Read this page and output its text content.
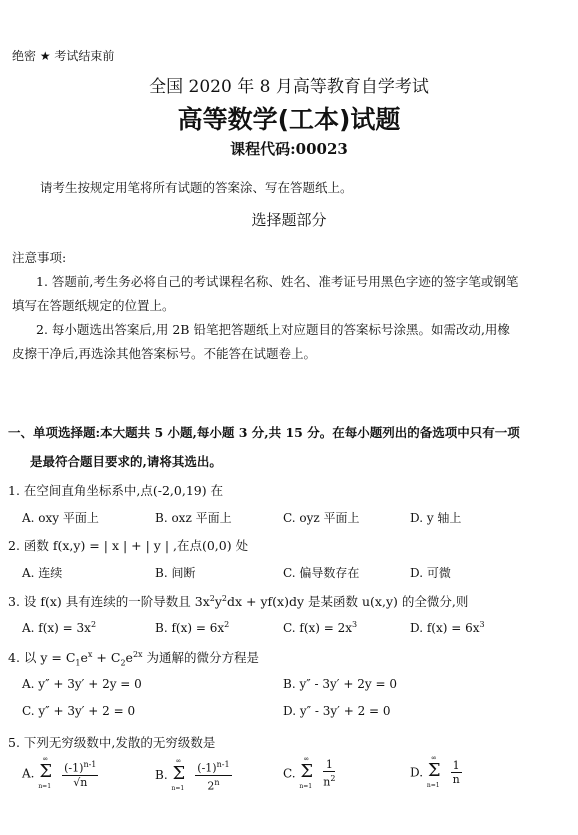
绝密 ★ 考试结束前
全国 2020 年 8 月高等教育自学考试
高等数学(工本)试题
课程代码:00023
请考生按规定用笔将所有试题的答案涂、写在答题纸上。
选择题部分
注意事项:
1. 答题前,考生务必将自己的考试课程名称、姓名、准考证号用黑色字迹的签字笔或钢笔
填写在答题纸规定的位置上。
2. 每小题选出答案后,用 2B 铅笔把答题纸上对应题目的答案标号涂黑。如需改动,用橡
皮擦干净后,再选涂其他答案标号。不能答在试题卷上。
一、单项选择题:本大题共 5 小题,每小题 3 分,共 15 分。在每小题列出的备选项中只有一项
是最符合题目要求的,请将其选出。
1. 在空间直角坐标系中,点(-2,0,19) 在
A. oxy 平面上	B. oxz 平面上	C. oyz 平面上	D. y 轴上
2. 函数 f(x,y) = | x | + | y | ,在点(0,0) 处
A. 连续	B. 间断	C. 偏导数存在	D. 可微
3. 设 f(x) 具有连续的一阶导数且 $3x^2y^2dx + yf(x)dy$ 是某函数 u(x,y) 的全微分,则
A. $f(x) = 3x^2$	B. $f(x) = 6x^2$	C. $f(x) = 2x^3$	D. $f(x) = 6x^3$
4. 以 $y = C_1e^x + C_2e^{2x}$ 为通解的微分方程是
A. y″ + 3y′ + 2y = 0	B. y″ - 3y′ + 2y = 0
C. y″ + 3y′ + 2 = 0	D. y″ - 3y′ + 2 = 0
5. 下列无穷级数中,发散的无穷级数是
A.
∞
Σ
n=1
$\frac{(-1)^{n-1}}{√n}$	B.
∞
Σ
n=1
$\frac{(-1)^{n-1}}{2^n}$	C.
∞
Σ
n=1
$\frac{1}{n^2}$	D.
∞
Σ
n=1
$\frac{1}{n}$
